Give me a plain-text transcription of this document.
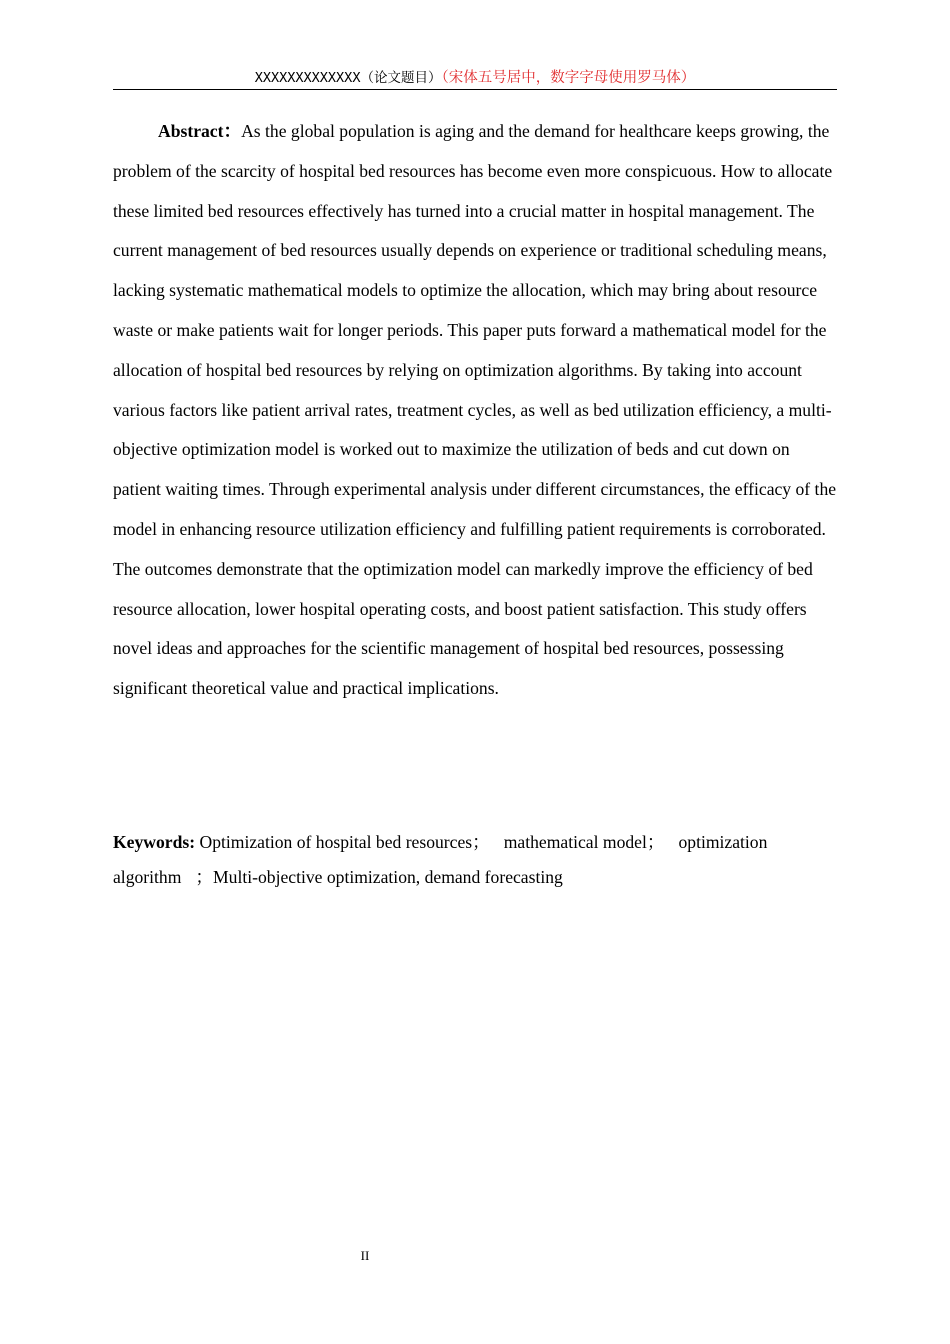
XXXXXXXXXXXXX（论文题目）（宋体五号居中，数字字母使用罗马体）

Abstract：As the global population is aging and the demand for healthcare keeps growing, the problem of the scarcity of hospital bed resources has become even more conspicuous. How to allocate these limited bed resources effectively has turned into a crucial matter in hospital management. The current management of bed resources usually depends on experience or traditional scheduling means, lacking systematic mathematical models to optimize the allocation, which may bring about resource waste or make patients wait for longer periods. This paper puts forward a mathematical model for the allocation of hospital bed resources by relying on optimization algorithms. By taking into account various factors like patient arrival rates, treatment cycles, as well as bed utilization efficiency, a multi-objective optimization model is worked out to maximize the utilization of beds and cut down on patient waiting times. Through experimental analysis under different circumstances, the efficacy of the model in enhancing resource utilization efficiency and fulfilling patient requirements is corroborated. The outcomes demonstrate that the optimization model can markedly improve the efficiency of bed resource allocation, lower hospital operating costs, and boost patient satisfaction. This study offers novel ideas and approaches for the scientific management of hospital bed resources, possessing significant theoretical value and practical implications.

Keywords: Optimization of hospital bed resources； mathematical model； optimization algorithm ；Multi-objective optimization, demand forecasting

II
